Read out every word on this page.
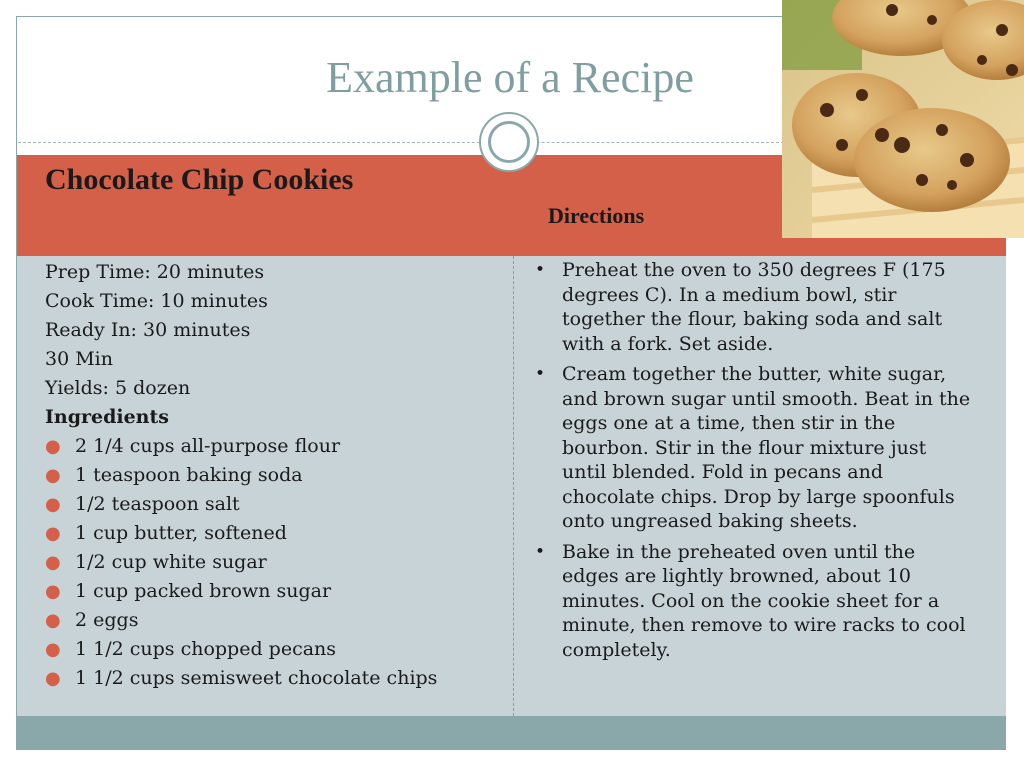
Example of a Recipe
Chocolate Chip Cookies
Directions
Prep Time: 20 minutes
Cook Time: 10 minutes
Ready In: 30 minutes
30 Min
Yields: 5 dozen
Ingredients
● 2 1/4 cups all-purpose flour
● 1 teaspoon baking soda
● 1/2 teaspoon salt
● 1 cup butter, softened
● 1/2 cup white sugar
● 1 cup packed brown sugar
● 2 eggs
● 1 1/2 cups chopped pecans
● 1 1/2 cups semisweet chocolate chips
• Preheat the oven to 350 degrees F (175 degrees C). In a medium bowl, stir together the flour, baking soda and salt with a fork. Set aside.
• Cream together the butter, white sugar, and brown sugar until smooth. Beat in the eggs one at a time, then stir in the bourbon. Stir in the flour mixture just until blended. Fold in pecans and chocolate chips. Drop by large spoonfuls onto ungreased baking sheets.
• Bake in the preheated oven until the edges are lightly browned, about 10 minutes. Cool on the cookie sheet for a minute, then remove to wire racks to cool completely.
